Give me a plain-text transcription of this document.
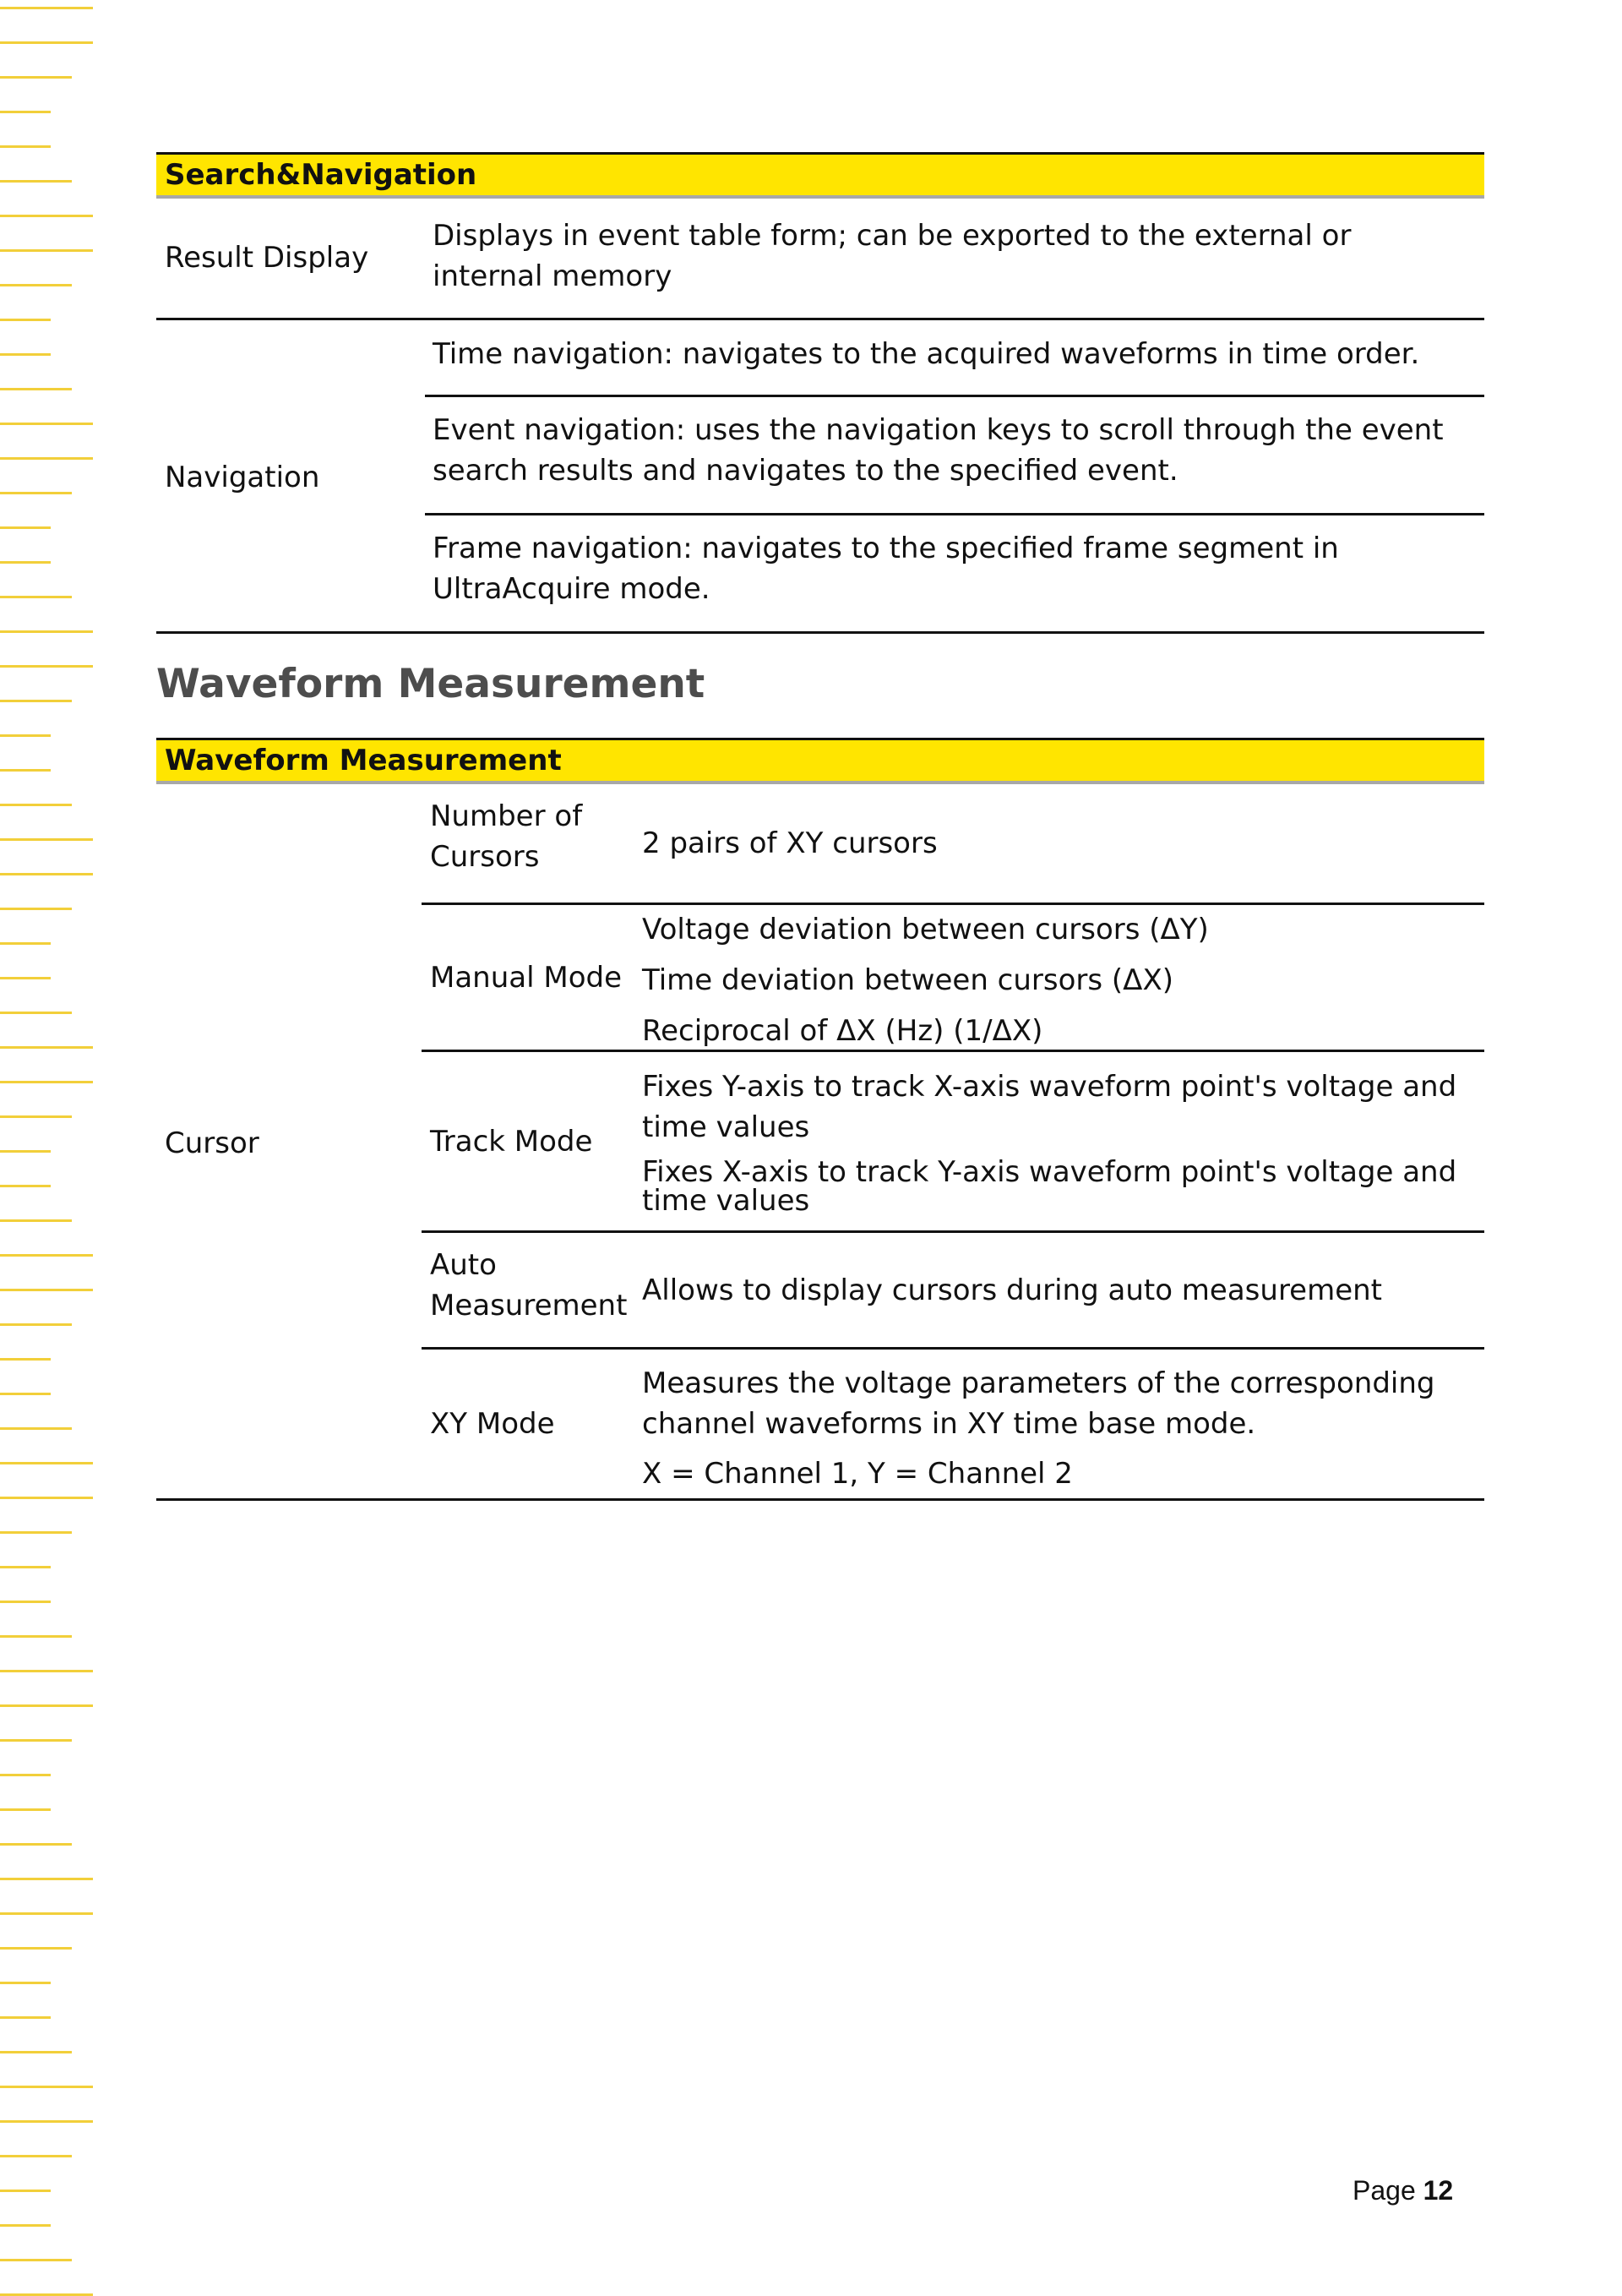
Search&Navigation
Result Display
Displays in event table form; can be exported to the external or internal memory
Navigation
Time navigation: navigates to the acquired waveforms in time order.
Event navigation: uses the navigation keys to scroll through the event search results and navigates to the specified event.
Frame navigation: navigates to the specified frame segment in UltraAcquire mode.
Waveform Measurement
Waveform Measurement
Cursor
Number of Cursors	2 pairs of XY cursors
Manual Mode
Voltage deviation between cursors (ΔY)
Time deviation between cursors (ΔX)
Reciprocal of ΔX (Hz) (1/ΔX)
Track Mode
Fixes Y-axis to track X-axis waveform point's voltage and time values
Fixes X-axis to track Y-axis waveform point's voltage and time values
Auto Measurement Allows to display cursors during auto measurement
XY Mode
Measures the voltage parameters of the corresponding channel waveforms in XY time base mode.
X = Channel 1, Y = Channel 2
Page 12
